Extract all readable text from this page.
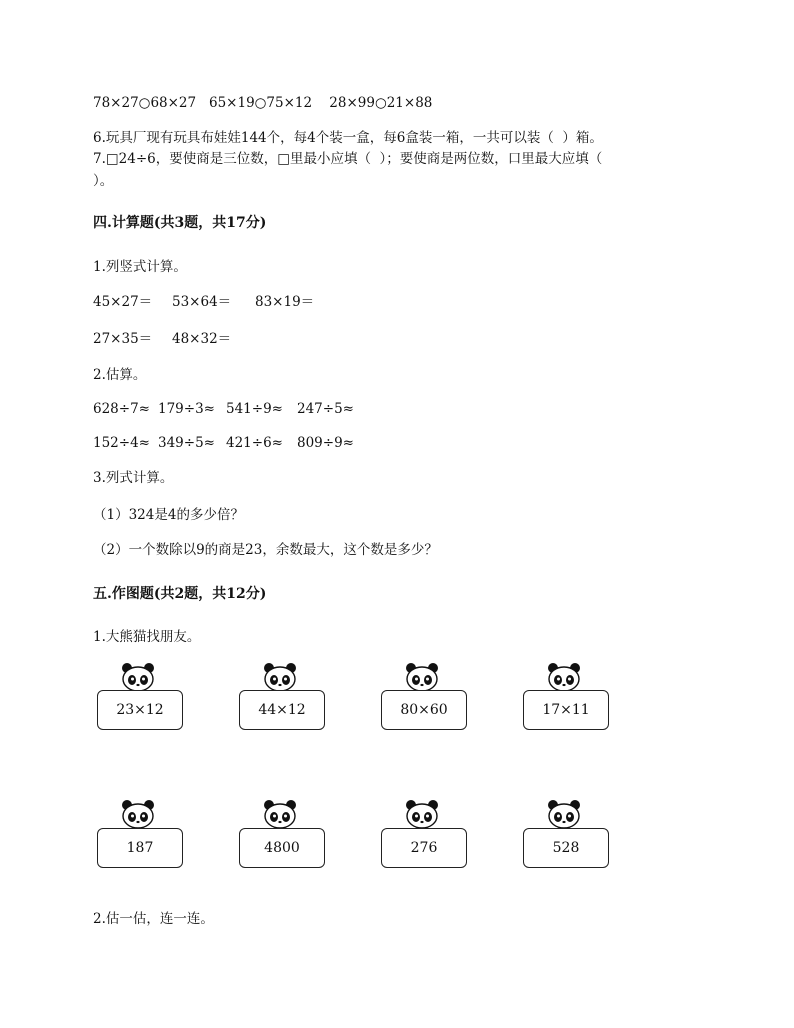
78×27○68×27   65×19○75×12    28×99○21×88
6.玩具厂现有玩具布娃娃144个，每4个装一盒，每6盒装一箱，一共可以装（  ）箱。
7.□24÷6，要使商是三位数，□里最小应填（  ）；要使商是两位数，口里最大应填（
）。
四.计算题(共3题，共17分)
1.列竖式计算。
45×27＝ 53×64＝ 83×19＝
27×35＝ 48×32＝
2.估算。
628÷7≈ 179÷3≈ 541÷9≈ 247÷5≈
152÷4≈ 349÷5≈ 421÷6≈ 809÷9≈
3.列式计算。
（1）324是4的多少倍？
（2）一个数除以9的商是23，余数最大，这个数是多少？
五.作图题(共2题，共12分)
1.大熊猫找朋友。
23×12	44×12	80×60	17×11
187	4800	276	528
2.估一估，连一连。
